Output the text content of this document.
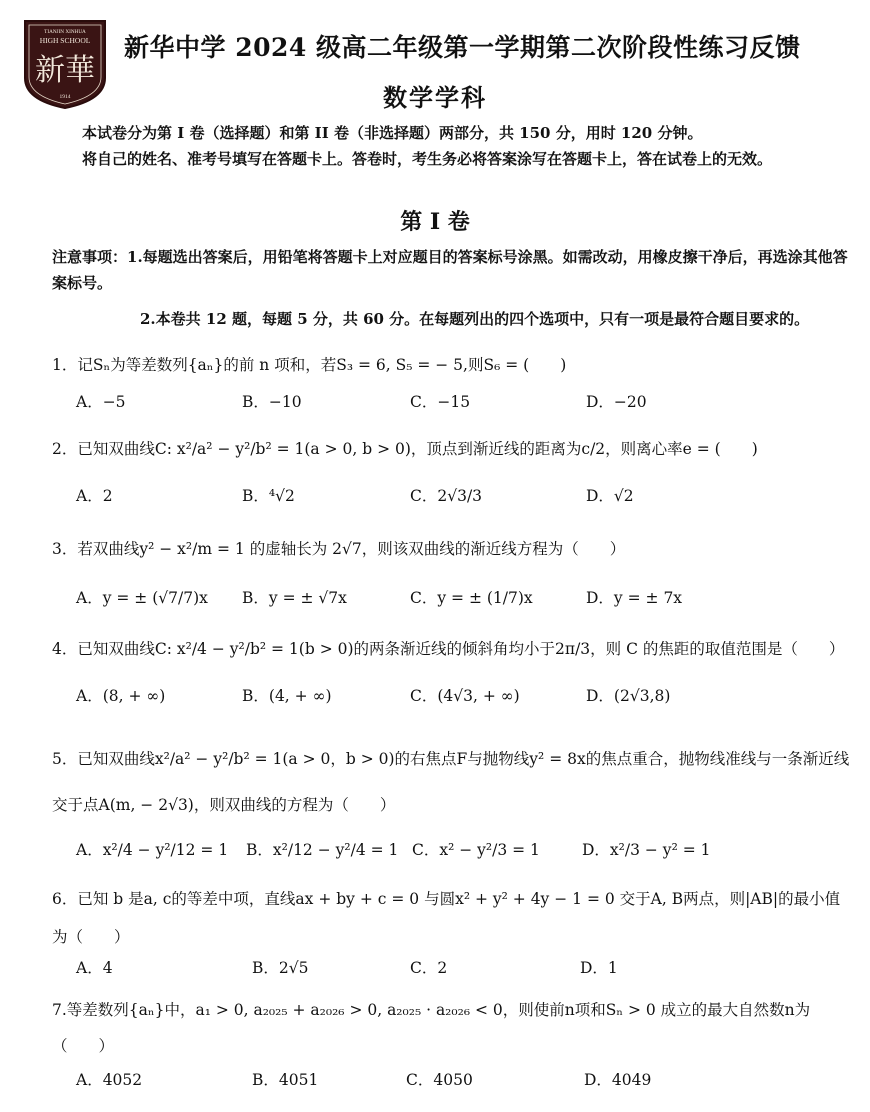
TIANJIN XINHUA
HIGH SCHOOL
新華
1914
新华中学 2024 级高二年级第一学期第二次阶段性练习反馈
数学学科

本试卷分为第 I 卷（选择题）和第 II 卷（非选择题）两部分，共 150 分，用时 120 分钟。

将自己的姓名、准考号填写在答题卡上。答卷时，考生务必将答案涂写在答题卡上，答在试卷上的无效。

第 I 卷

注意事项：1.每题选出答案后，用铅笔将答题卡上对应题目的答案标号涂黑。如需改动，用橡皮擦干净后，再选涂其他答案标号。

2.本卷共 12 题，每题 5 分，共 60 分。在每题列出的四个选项中，只有一项是最符合题目要求的。

1．记Sₙ为等差数列{aₙ}的前 n 项和，若S₃ = 6, S₅ = − 5,则S₆ = (　　)

A．−5	B．−10	C．−15	D．−20

2．已知双曲线C: x²/a² − y²/b² = 1(a > 0, b > 0)，顶点到渐近线的距离为c/2，则离心率e = (　　)

A．2	B．⁴√2	C．2√3/3	D．√2

3．若双曲线y² − x²/m = 1 的虚轴长为 2√7，则该双曲线的渐近线方程为（　　）

A．y = ± (√7/7)x B．y = ± √7x	C．y = ± (1/7)x	D．y = ± 7x

4．已知双曲线C: x²/4 − y²/b² = 1(b > 0)的两条渐近线的倾斜角均小于2π/3，则 C 的焦距的取值范围是（　　）

A．(8, + ∞)	B．(4, + ∞)	C．(4√3, + ∞)	D．(2√3,8)

5．已知双曲线x²/a² − y²/b² = 1(a > 0，b > 0)的右焦点F与抛物线y² = 8x的焦点重合，抛物线准线与一条渐近线交于点A(m, − 2√3)，则双曲线的方程为（　　）

A．x²/4 − y²/12 = 1 B．x²/12 − y²/4 = 1 C．x² − y²/3 = 1	D．x²/3 − y² = 1

6．已知 b 是a, c的等差中项，直线ax + by + c = 0 与圆x² + y² + 4y − 1 = 0 交于A, B两点，则|AB|的最小值为（　　）

A．4	B．2√5	C．2	D．1

7.等差数列{aₙ}中，a₁ > 0, a₂₀₂₅ + a₂₀₂₆ > 0, a₂₀₂₅ · a₂₀₂₆ < 0，则使前n项和Sₙ > 0 成立的最大自然数n为（　　）

A．4052	B．4051	C．4050	D．4049
